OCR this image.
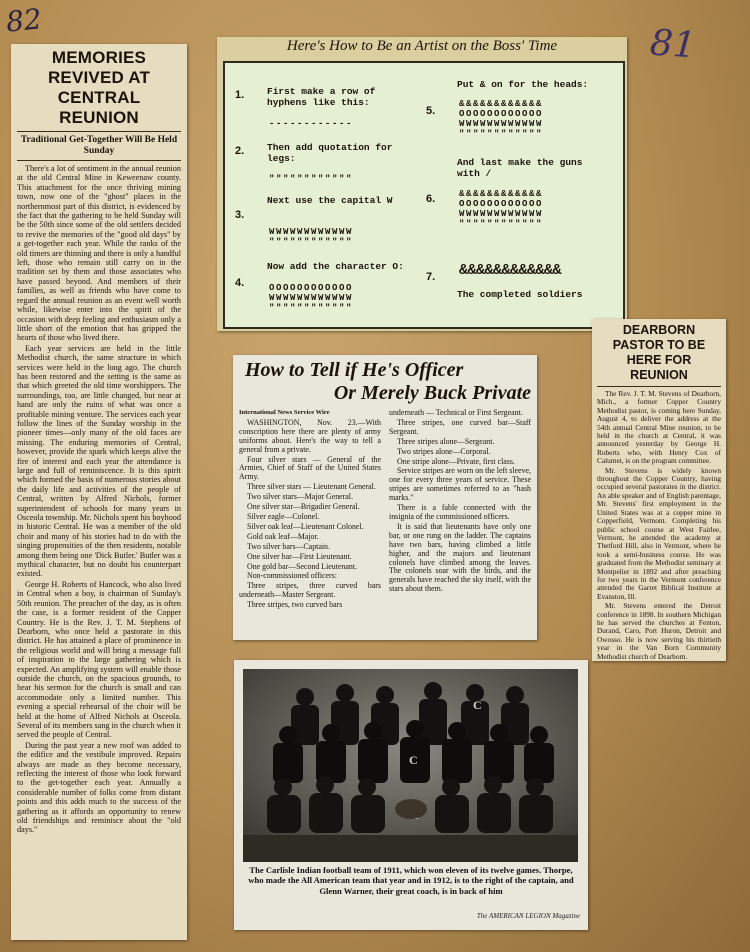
82
81
MEMORIES REVIVED AT CENTRAL REUNION
Traditional Get-Together Will Be Held Sunday

There's a lot of sentiment in the annual reunion at the old Central Mine in Keweenaw county. This attachment for the once thriving mining town, now one of the "ghost" places in the northernmost part of this district, is evidenced by the fact that the gathering to be held Sunday will be the 50th since some of the old settlers decided to revive the memories of the "good old days" by a get-together each year. While the ranks of the old timers are thinning and there is only a handful left, those who remain still carry on in the tradition set by them and those associates who have passed beyond. And members of their families, as well as friends who have come to regard the annual reunion as an event well worth while, likewise enter into the spirit of the occasion with deep feeling and enthusiasm only a little short of the emotion that has gripped the hearts of those who lived there.

Each year services are held in the little Methodist church, the same structure in which services were held in the long ago. The church has been restored and the setting is the same as that which greeted the old time worshippers. The surroundings, too, are little changed, but near at hand are only the ruins of what was once a profitable mining venture. The services each year follow the lines of the Sunday worship in the pioneer times—only many of the old faces are missing. The enduring memories of Central, however, provide the spark which keeps alive the fire of interest and each year the attendance is large and full of reminiscence. It is this spirit which formed the basis of numerous stories about the daily life and activities of the people of Central, written by Alfred Nichols, former superintendent of schools for many years in Osceola township. Mr. Nichols spent his boyhood in historic Central. He was a member of the old choir and many of his stories had to do with the singing propensities of the then residents, notable among them being one 'Dick Butler.' Butler was a mythical character, but no doubt his counterpart existed.

George H. Roberts of Hancock, who also lived in Central when a boy, is chairman of Sunday's 50th reunion. The preacher of the day, as is often the case, is a former resident of the Copper Country. He is the Rev. J. T. M. Stephens of Dearborn, who once held a pastorate in this district. He has attained a place of prominence in the religious world and will bring a message full of inspiration to the large gathering which is expected. An amplifying system will enable those outside the church, on the spacious grounds, to hear his sermon for the church is small and can accommodate only a limited number. This evening a special rehearsal of the choir will be held at the home of Alfred Nichols at Osceola. Several of its members sang in the church when it served the people of Central.

During the past year a new roof was added to the edifice and the vestibule improved. Repairs always are made as they become necessary, reflecting the interest of those who look forward to the get-together each year. Annually a considerable number of folks come from distant points and this adds much to the success of the gathering as it affords an opportunity to renew old friendships and reminisce about the "old days."

Here's How to Be an Artist on the Boss' Time
1. First make a row of hyphens like this:
------------
2. Then add quotation for legs:
""""""""""""
3.
Next use the capital W
WWWWWWWWWWWW
""""""""""""
4.
Now add the character O:
OOOOOOOOOOOO
WWWWWWWWWWWW
""""""""""""
5.
Put & on for the heads:
&&&&&&&&&&&&
OOOOOOOOOOOO
WWWWWWWWWWWW
""""""""""""
6.
And last make the guns with /
&&&&&&&&&&&&
OOOOOOOOOOOO
WWWWWWWWWWWW
""""""""""""
7. &&&&&&&&&&&&
The completed soldiers
How to Tell if He's Officer
Or Merely Buck Private

International News Service Wire

WASHINGTON, Nov. 23.—With conscription here there are plenty of army uniforms about. Here's the way to tell a general from a private.

Four silver stars — General of the Armies, Chief of Staff of the United States Army.

Three silver stars — Lieutenant General.

Two silver stars—Major General.

One silver star—Brigadier General.

Silver eagle—Colonel.

Silver oak leaf—Lieutenant Colonel.

Gold oak leaf—Major.

Two silver bars—Captain.

One silver bar—First Lieutenant.

One gold bar—Second Lieutenant.

Non-commissioned officers:

Three stripes, three curved bars underneath—Master Sergeant.

Three stripes, two curved bars

underneath — Technical or First Sergeant.

Three stripes, one curved bar—Staff Sergeant.

Three stripes alone—Sergeant.

Two stripes alone—Corporal.

One stripe alone—Private, first class.

Service stripes are worn on the left sleeve, one for every three years of service. These stripes are sometimes referred to as "hash marks."

There is a fable connected with the insignia of the commissioned officers.

It is said that lieutenants have only one bar, or one rung on the ladder. The captains have two bars, having climbed a little higher, and the majors and lieutenant colonels have climbed among the leaves. The colonels soar with the birds, and the generals have reached the sky itself, with the stars about them.

DEARBORN PASTOR TO BE HERE FOR REUNION

The Rev. J. T. M. Stevens of Dearborn, Mich., a former Copper Country Methodist pastor, is coming here Sunday, August 4, to deliver the address at the 54th annual Central Mine reunion, to be held in the church at Central, it was announced yesterday by George H. Roberts who, with Henry Cox of Calumet, is on the program committee.

Mr. Stevens is widely known throughout the Copper Country, having occupied several pastorates in the district. An able speaker and of English parentage, Mr. Stevens' first employment in the United States was at a copper mine in Copperfield, Vermont. Completing his public school course at West Fairlee, Vermont, he attended the academy at Thetford Hill, also in Vermont, where he took a semi-business course. He was graduated from the Methodist seminary at Montpelier in 1892 and after preaching for two years in the Vermont conference attended the Garret Biblical Institute at Evanston, Ill.

Mr. Stevens entered the Detroit conference in 1898. In southern Michigan he has served the churches at Fenton, Durand, Caro, Port Huron, Detroit and Owosso. He is now serving his thirtieth year in the Van Born Community Methodist church of Dearborn.

C
C
The Carlisle Indian football team of 1911, which won eleven of its twelve games. Thorpe, who made the All American team that year and in 1912, is to the right of the captain, and Glenn Warner, their great coach, is in back of him
The AMERICAN LEGION Magazine
